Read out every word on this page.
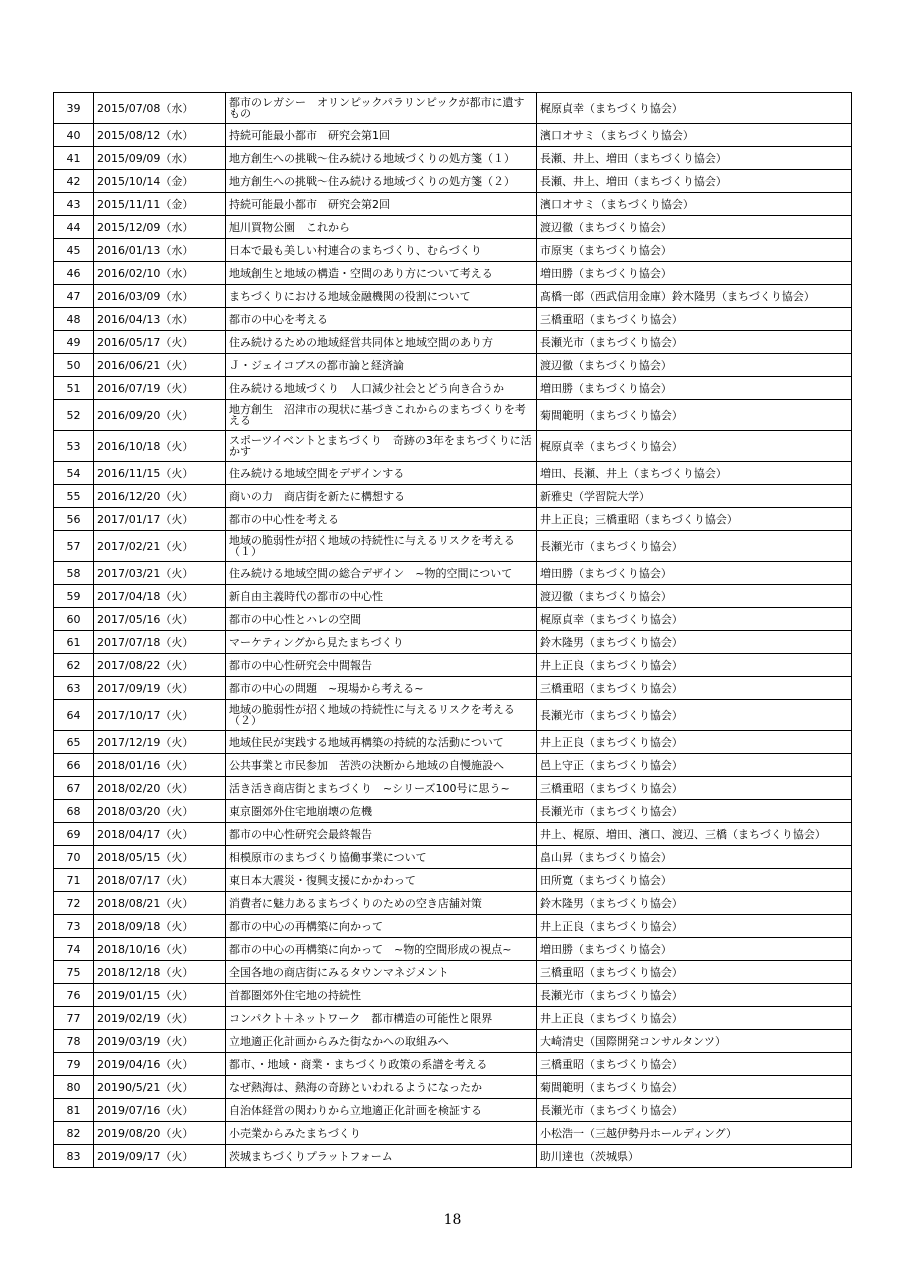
39	2015/07/08（水）	都市のレガシー　オリンピックパラリンピックが都市に遺すもの	梶原貞幸（まちづくり協会）
40	2015/08/12（水）	持続可能最小都市　研究会第1回	濱口オサミ（まちづくり協会）
41	2015/09/09（水）	地方創生への挑戦〜住み続ける地域づくりの処方箋（１）	長瀬、井上、増田（まちづくり協会）
42	2015/10/14（金）	地方創生への挑戦〜住み続ける地域づくりの処方箋（２）	長瀬、井上、増田（まちづくり協会）
43	2015/11/11（金）	持続可能最小都市　研究会第2回	濱口オサミ（まちづくり協会）
44	2015/12/09（水）	旭川買物公園　これから	渡辺徹（まちづくり協会）
45	2016/01/13（水）	日本で最も美しい村連合のまちづくり、むらづくり	市原実（まちづくり協会）
46	2016/02/10（水）	地域創生と地域の構造・空間のあり方について考える	増田勝（まちづくり協会）
47	2016/03/09（水）	まちづくりにおける地域金融機関の役割について	髙橋一郎（西武信用金庫）鈴木隆男（まちづくり協会）
48	2016/04/13（水）	都市の中心を考える	三橋重昭（まちづくり協会）
49	2016/05/17（火）	住み続けるための地域経営共同体と地域空間のあり方	長瀬光市（まちづくり協会）
50	2016/06/21（火）	Ｊ・ジェイコブスの都市論と経済論	渡辺徹（まちづくり協会）
51	2016/07/19（火）	住み続ける地域づくり　人口減少社会とどう向き合うか	増田勝（まちづくり協会）
52	2016/09/20（火）	地方創生　沼津市の現状に基づきこれからのまちづくりを考える	菊間範明（まちづくり協会）
53	2016/10/18（火）	スポーツイベントとまちづくり　奇跡の3年をまちづくりに活かす	梶原貞幸（まちづくり協会）
54	2016/11/15（火）	住み続ける地域空間をデザインする	増田、長瀬、井上（まちづくり協会）
55	2016/12/20（火）	商いの力　商店街を新たに構想する	新雅史（学習院大学）
56	2017/01/17（火）	都市の中心性を考える	井上正良；三橋重昭（まちづくり協会）
57	2017/02/21（火）	地域の脆弱性が招く地域の持続性に与えるリスクを考える（１）	長瀬光市（まちづくり協会）
58	2017/03/21（火）	住み続ける地域空間の総合デザイン　~物的空間について	増田勝（まちづくり協会）
59	2017/04/18（火）	新自由主義時代の都市の中心性	渡辺徹（まちづくり協会）
60	2017/05/16（火）	都市の中心性とハレの空間	梶原貞幸（まちづくり協会）
61	2017/07/18（火）	マーケティングから見たまちづくり	鈴木隆男（まちづくり協会）
62	2017/08/22（火）	都市の中心性研究会中間報告	井上正良（まちづくり協会）
63	2017/09/19（火）	都市の中心の問題　~現場から考える~	三橋重昭（まちづくり協会）
64	2017/10/17（火）	地域の脆弱性が招く地域の持続性に与えるリスクを考える（２）	長瀬光市（まちづくり協会）
65	2017/12/19（火）	地域住民が実践する地域再構築の持続的な活動について	井上正良（まちづくり協会）
66	2018/01/16（火）	公共事業と市民参加　苦渋の決断から地域の自慢施設へ	邑上守正（まちづくり協会）
67	2018/02/20（火）	活き活き商店街とまちづくり　~シリーズ100号に思う~	三橋重昭（まちづくり協会）
68	2018/03/20（火）	東京圏郊外住宅地崩壊の危機	長瀬光市（まちづくり協会）
69	2018/04/17（火）	都市の中心性研究会最終報告	井上、梶原、増田、濱口、渡辺、三橋（まちづくり協会）
70	2018/05/15（火）	相模原市のまちづくり協働事業について	畠山昇（まちづくり協会）
71	2018/07/17（火）	東日本大震災・復興支援にかかわって	田所寛（まちづくり協会）
72	2018/08/21（火）	消費者に魅力あるまちづくりのための空き店舗対策	鈴木隆男（まちづくり協会）
73	2018/09/18（火）	都市の中心の再構築に向かって	井上正良（まちづくり協会）
74	2018/10/16（火）	都市の中心の再構築に向かって　~物的空間形成の視点~	増田勝（まちづくり協会）
75	2018/12/18（火）	全国各地の商店街にみるタウンマネジメント	三橋重昭（まちづくり協会）
76	2019/01/15（火）	首都圏郊外住宅地の持続性	長瀬光市（まちづくり協会）
77	2019/02/19（火）	コンパクト＋ネットワーク　都市構造の可能性と限界	井上正良（まちづくり協会）
78	2019/03/19（火）	立地適正化計画からみた街なかへの取組みへ	大崎清史（国際開発コンサルタンツ）
79	2019/04/16（火）	都市、・地域・商業・まちづくり政策の系譜を考える	三橋重昭（まちづくり協会）
80	20190/5/21（火）	なぜ熱海は、熱海の奇跡といわれるようになったか	菊間範明（まちづくり協会）
81	2019/07/16（火）	自治体経営の関わりから立地適正化計画を検証する	長瀬光市（まちづくり協会）
82	2019/08/20（火）	小売業からみたまちづくり	小松浩一（三越伊勢丹ホールディング）
83	2019/09/17（火）	茨城まちづくりプラットフォーム	助川達也（茨城県）
18
